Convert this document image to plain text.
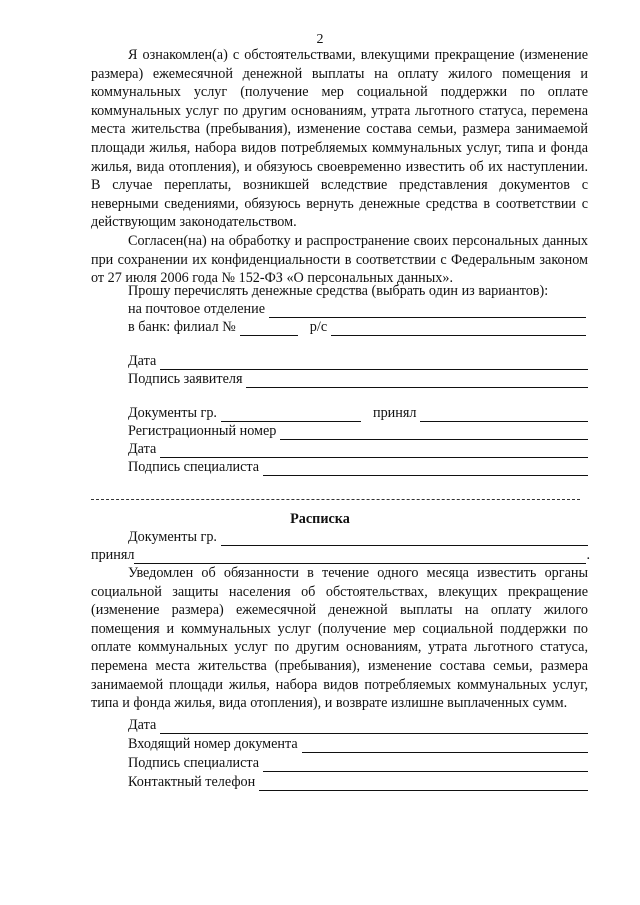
2

Я ознакомлен(а) с обстоятельствами, влекущими прекращение (изменение размера) ежемесячной денежной выплаты на оплату жилого помещения и коммунальных услуг (получение мер социальной поддержки по оплате коммунальных услуг по другим основаниям, утрата льготного статуса, перемена места жительства (пребывания), изменение состава семьи, размера занимаемой площади жилья, набора видов потребляемых коммунальных услуг, типа и фонда жилья, вида отопления), и обязуюсь своевременно известить об их наступлении. В случае переплаты, возникшей вследствие представления документов с неверными сведениями, обязуюсь вернуть денежные средства в соответствии с действующим законодательством.

Согласен(на) на обработку и распространение своих персональных данных при сохранении их конфиденциальности в соответствии с Федеральным законом от 27 июля 2006 года № 152-ФЗ «О персональных данных».

Прошу перечислять денежные средства (выбрать один из вариантов):
на почтовое отделение
в банк: филиал №	р/с
Дата
Подпись заявителя
Документы гр.	принял
Регистрационный номер
Дата
Подпись специалиста
Расписка
Документы гр.
принял	.

Уведомлен об обязанности в течение одного месяца известить органы социальной защиты населения об обстоятельствах, влекущих прекращение (изменение размера) ежемесячной денежной выплаты на оплату жилого помещения и коммунальных услуг (получение мер социальной поддержки по оплате коммунальных услуг по другим основаниям, утрата льготного статуса, перемена места жительства (пребывания), изменение состава семьи, размера занимаемой площади жилья, набора видов потребляемых коммунальных услуг, типа и фонда жилья, вида отопления), и возврате излишне выплаченных сумм.

Дата
Входящий номер документа
Подпись специалиста
Контактный телефон
